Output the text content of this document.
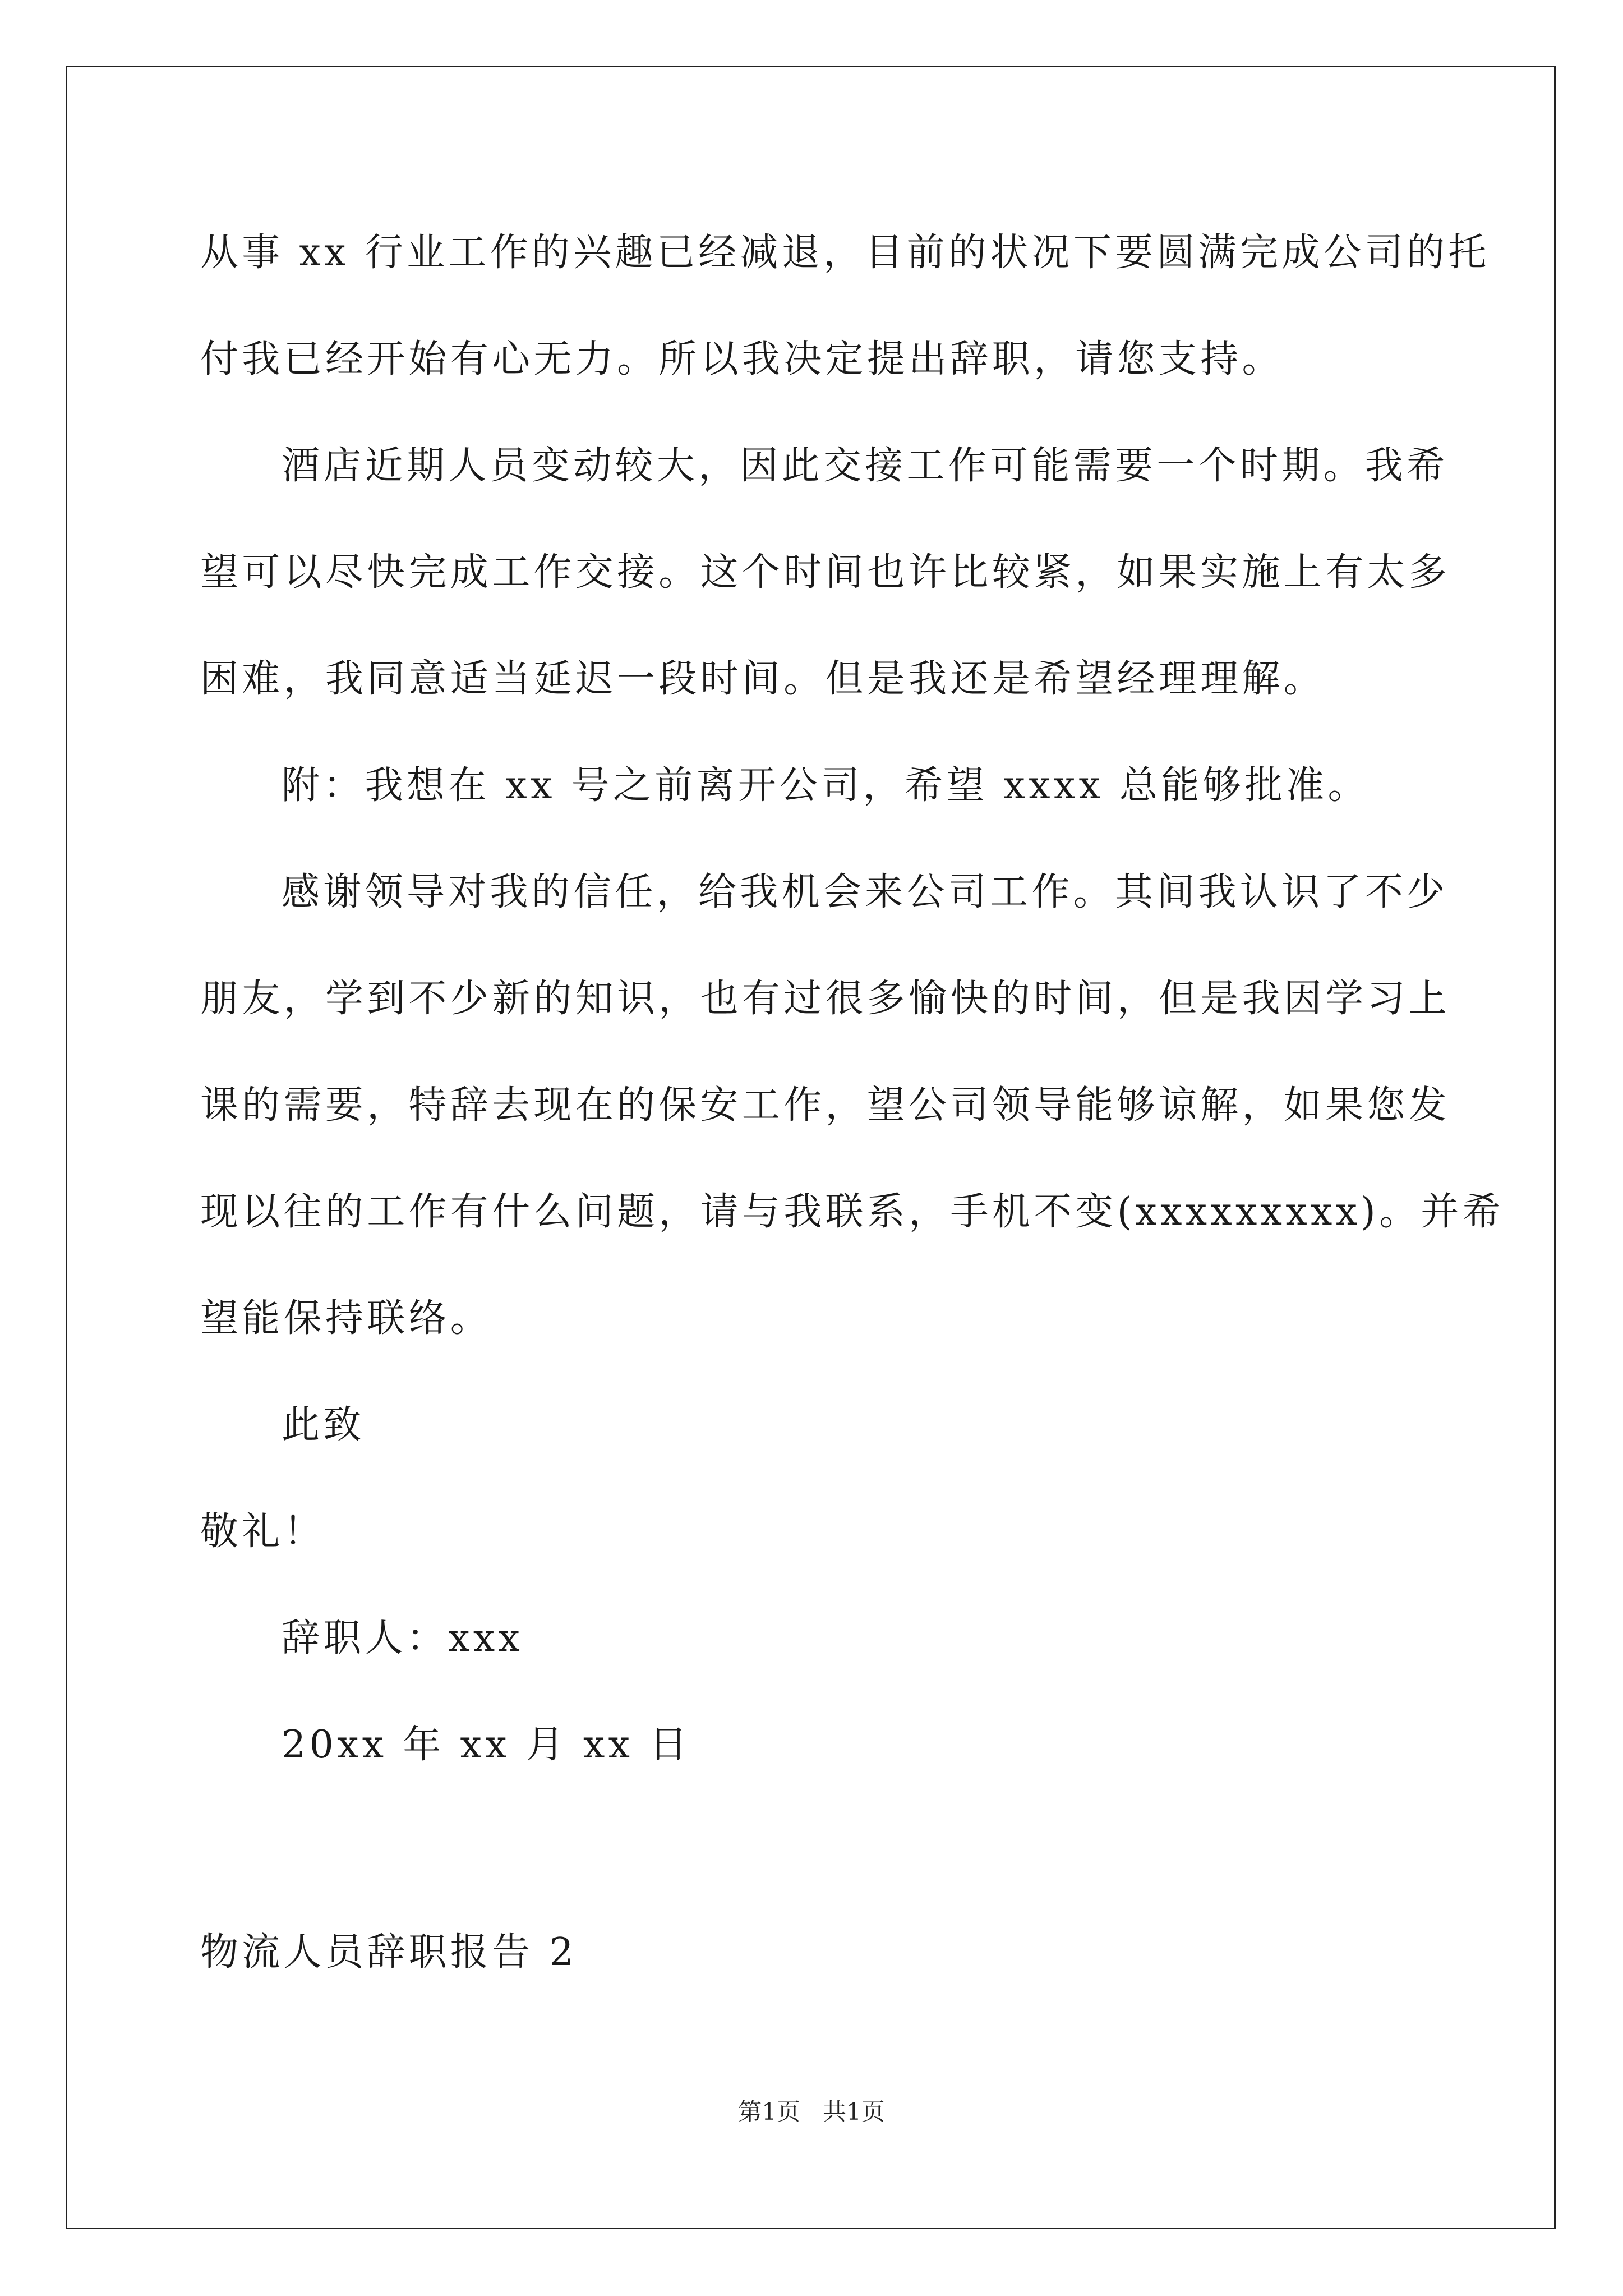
从事 xx 行业工作的兴趣已经减退，目前的状况下要圆满完成公司的托
付我已经开始有心无力。所以我决定提出辞职，请您支持。
酒店近期人员变动较大，因此交接工作可能需要一个时期。我希
望可以尽快完成工作交接。这个时间也许比较紧，如果实施上有太多
困难，我同意适当延迟一段时间。但是我还是希望经理理解。
附：我想在 xx 号之前离开公司，希望 xxxx 总能够批准。
感谢领导对我的信任，给我机会来公司工作。其间我认识了不少
朋友，学到不少新的知识，也有过很多愉快的时间，但是我因学习上
课的需要，特辞去现在的保安工作，望公司领导能够谅解，如果您发
现以往的工作有什么问题，请与我联系，手机不变(xxxxxxxxx)。并希
望能保持联络。
此致
敬礼！
辞职人：xxx
20xx 年 xx 月 xx 日
物流人员辞职报告 2
第1页   共1页
